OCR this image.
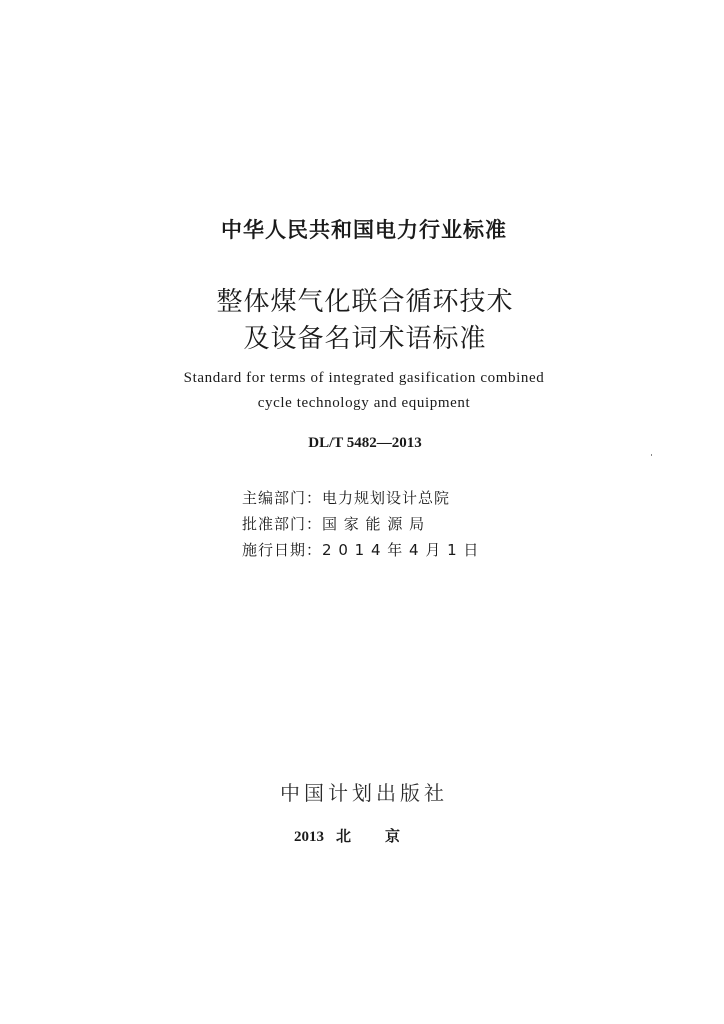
中华人民共和国电力行业标准
整体煤气化联合循环技术
及设备名词术语标准
Standard for terms of integrated gasification combined
cycle technology and equipment
DL/T 5482—2013
主编部门：电力规划设计总院
批准部门：国 家 能 源 局
施行日期：2 0 1 4 年 4 月 1 日
中国计划出版社
2013 北京
